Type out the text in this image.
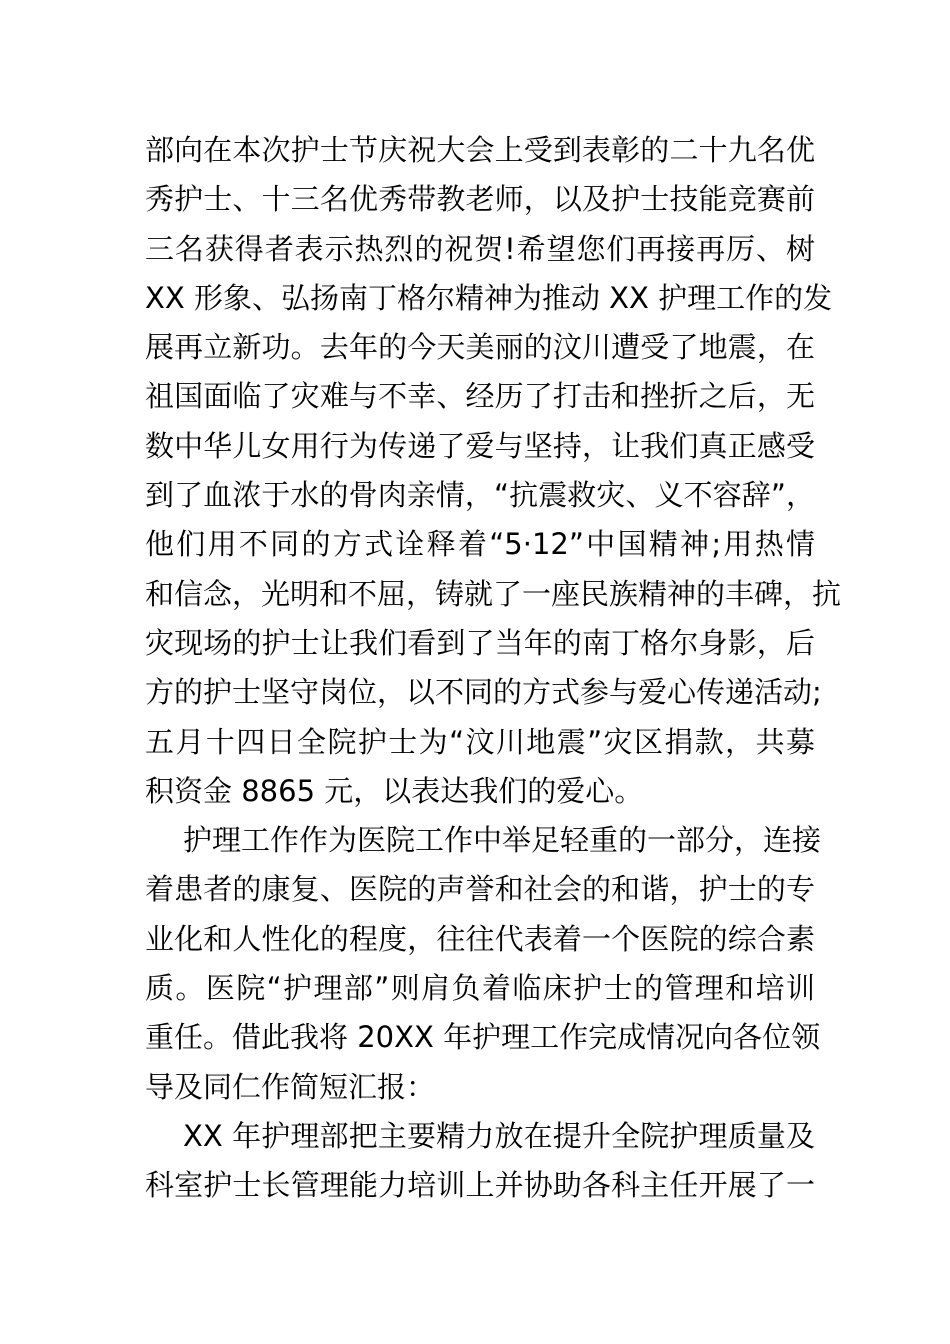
部向在本次护士节庆祝大会上受到表彰的二十九名优
秀护士、十三名优秀带教老师，以及护士技能竞赛前
三名获得者表示热烈的祝贺!希望您们再接再厉、树
XX 形象、弘扬南丁格尔精神为推动 XX 护理工作的发
展再立新功。去年的今天美丽的汶川遭受了地震，在
祖国面临了灾难与不幸、经历了打击和挫折之后，无
数中华儿女用行为传递了爱与坚持，让我们真正感受
到了血浓于水的骨肉亲情，“抗震救灾、义不容辞”，
他们用不同的方式诠释着“5·12”中国精神;用热情
和信念，光明和不屈，铸就了一座民族精神的丰碑，抗
灾现场的护士让我们看到了当年的南丁格尔身影，后
方的护士坚守岗位，以不同的方式参与爱心传递活动;
五月十四日全院护士为“汶川地震”灾区捐款，共募
积资金 8865 元，以表达我们的爱心。
护理工作作为医院工作中举足轻重的一部分，连接
着患者的康复、医院的声誉和社会的和谐，护士的专
业化和人性化的程度，往往代表着一个医院的综合素
质。医院“护理部”则肩负着临床护士的管理和培训
重任。借此我将 20XX 年护理工作完成情况向各位领
导及同仁作简短汇报：
XX 年护理部把主要精力放在提升全院护理质量及
科室护士长管理能力培训上并协助各科主任开展了一
